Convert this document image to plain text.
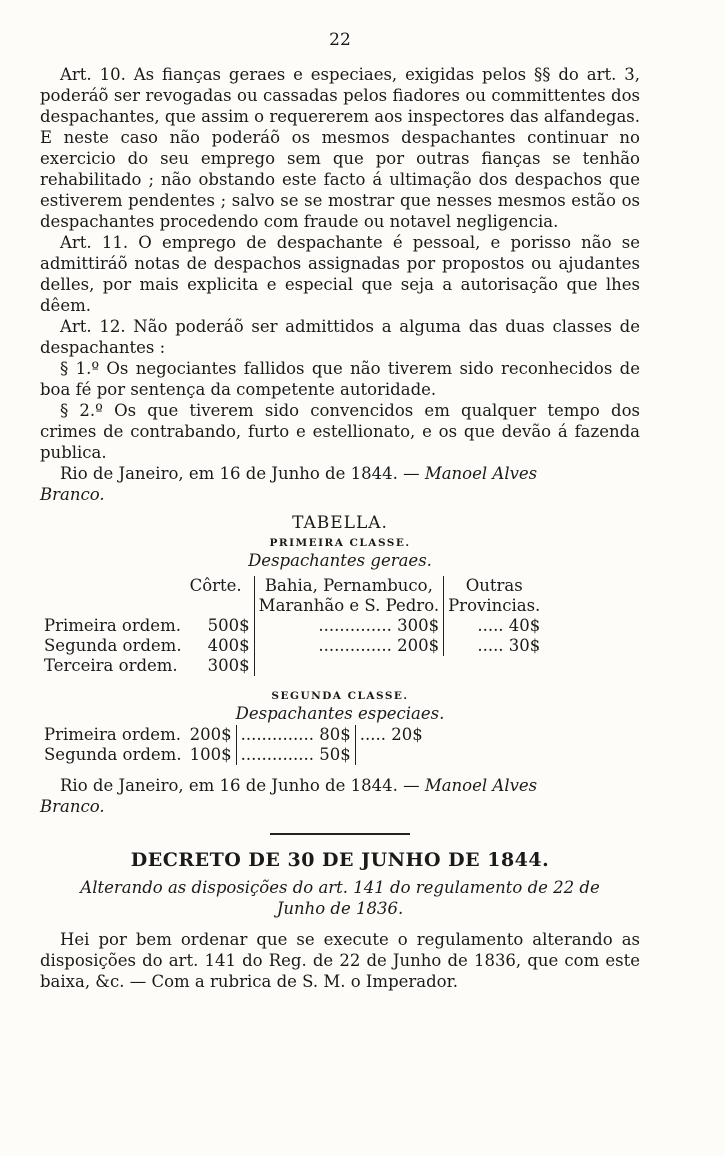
22

Art. 10. As fianças geraes e especiaes, exigidas pelos §§ do art. 3, poderáõ ser revogadas ou cassadas pelos fiadores ou committentes dos despachantes, que assim o requererem aos inspectores das alfandegas. E neste caso não poderáõ os mesmos despachantes continuar no exercicio do seu emprego sem que por outras fianças se tenhão rehabilitado ; não obstando este facto á ultimação dos despachos que estiverem pendentes ; salvo se se mostrar que nesses mesmos estão os despachantes procedendo com fraude ou notavel negligencia.

Art. 11. O emprego de despachante é pessoal, e porisso não se admittiráõ notas de despachos assignadas por propostos ou ajudantes delles, por mais explicita e especial que seja a autorisação que lhes dêem.

Art. 12. Não poderáõ ser admittidos a alguma das duas classes de despachantes :

§ 1.º Os negociantes fallidos que não tiverem sido reconhecidos de boa fé por sentença da competente autoridade.

§ 2.º Os que tiverem sido convencidos em qualquer tempo dos crimes de contrabando, furto e estellionato, e os que devão á fazenda publica.

Rio de Janeiro, em 16 de Junho de 1844. — Manoel Alves

Branco.

TABELLA.
PRIMEIRA CLASSE.
Despachantes geraes.
	Côrte.	Bahia, Pernambuco,	Outras
		Maranhão e S. Pedro.	Provincias.
Primeira ordem.	500$	.............. 300$	..... 40$
Segunda ordem.	400$	.............. 200$	..... 30$
Terceira ordem.	300$		
SEGUNDA CLASSE.
Despachantes especiaes.
Primeira ordem.	200$	.............. 80$	..... 20$
Segunda ordem.	100$	.............. 50$	

Rio de Janeiro, em 16 de Junho de 1844. — Manoel Alves

Branco.

DECRETO DE 30 DE JUNHO DE 1844.
Alterando as disposições do art. 141 do regulamento de 22 de
Junho de 1836.

Hei por bem ordenar que se execute o regulamento alterando as disposições do art. 141 do Reg. de 22 de Junho de 1836, que com este baixa, &c. — Com a rubrica de S. M. o Imperador.
